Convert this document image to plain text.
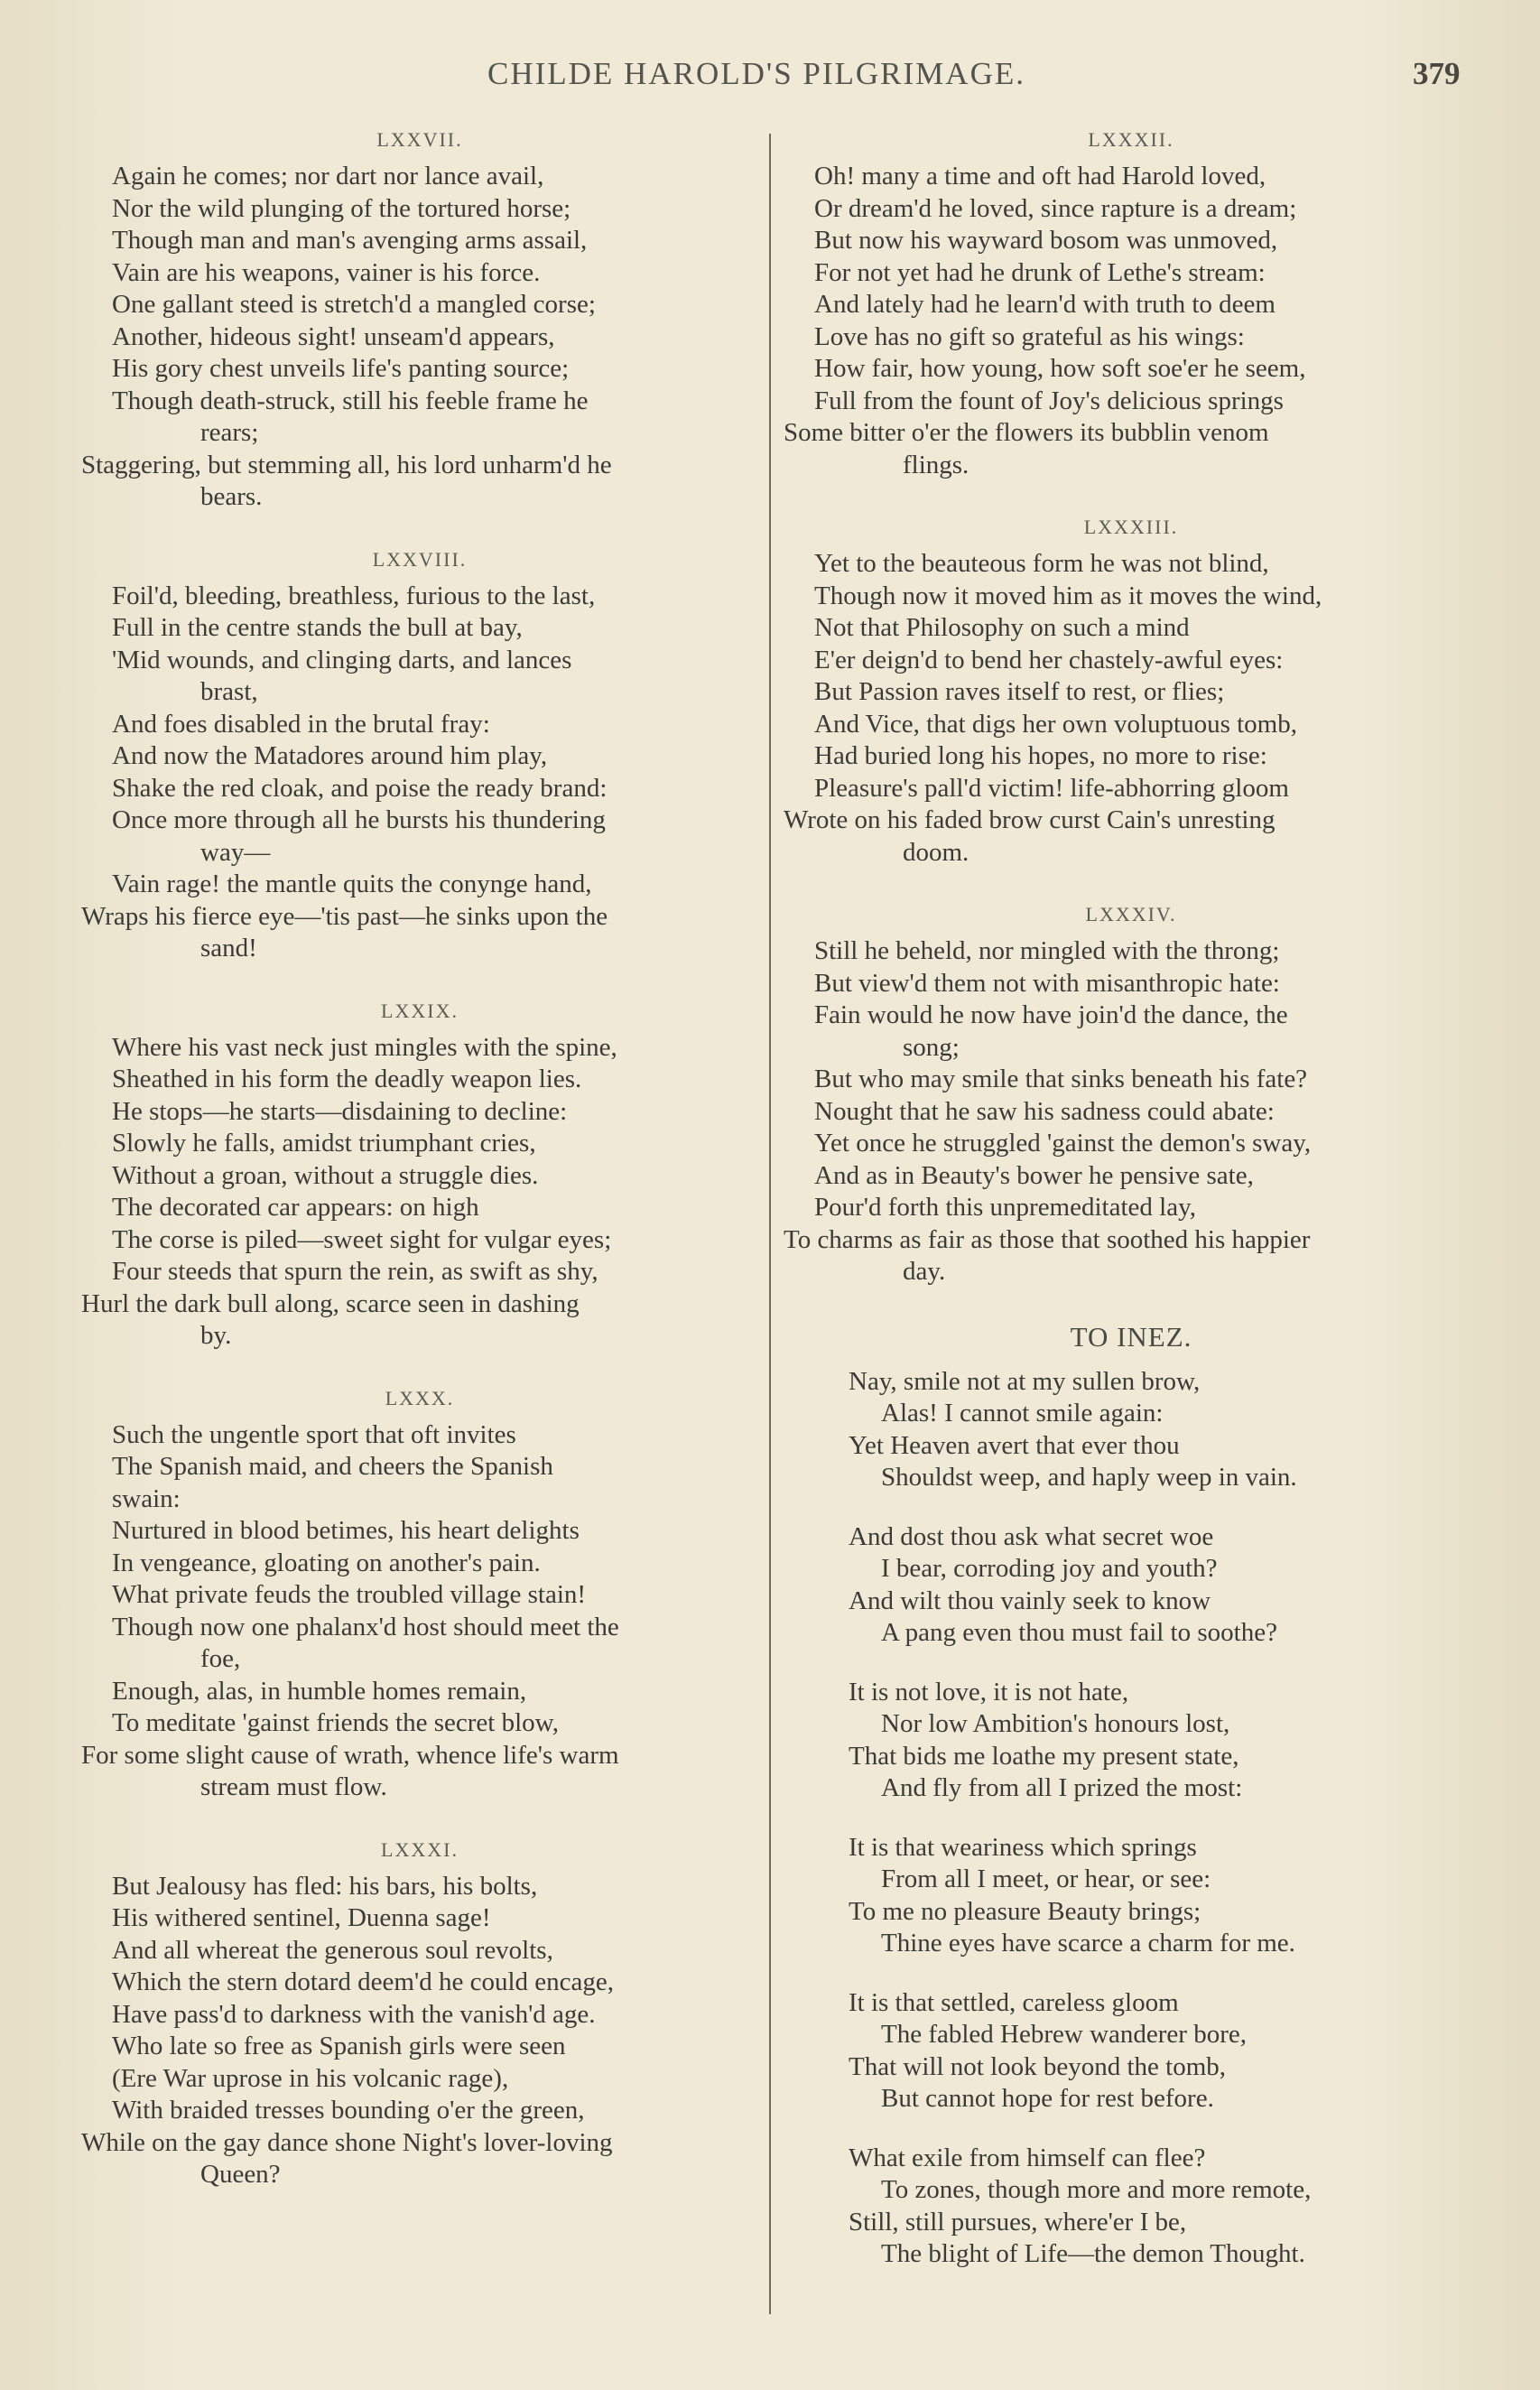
CHILDE HAROLD'S PILGRIMAGE.	379
LXXVII.
Again he comes; nor dart nor lance avail,
Nor the wild plunging of the tortured horse;
Though man and man's avenging arms assail,
Vain are his weapons, vainer is his force.
One gallant steed is stretch'd a mangled corse;
Another, hideous sight! unseam'd appears,
His gory chest unveils life's panting source;
Though death-struck, still his feeble frame he
rears;
Staggering, but stemming all, his lord unharm'd he
bears.
LXXVIII.
Foil'd, bleeding, breathless, furious to the last,
Full in the centre stands the bull at bay,
'Mid wounds, and clinging darts, and lances
brast,
And foes disabled in the brutal fray:
And now the Matadores around him play,
Shake the red cloak, and poise the ready brand:
Once more through all he bursts his thundering
way—
Vain rage! the mantle quits the conynge hand,
Wraps his fierce eye—'tis past—he sinks upon the
sand!
LXXIX.
Where his vast neck just mingles with the spine,
Sheathed in his form the deadly weapon lies.
He stops—he starts—disdaining to decline:
Slowly he falls, amidst triumphant cries,
Without a groan, without a struggle dies.
The decorated car appears: on high
The corse is piled—sweet sight for vulgar eyes;
Four steeds that spurn the rein, as swift as shy,
Hurl the dark bull along, scarce seen in dashing
by.
LXXX.
Such the ungentle sport that oft invites
The Spanish maid, and cheers the Spanish
swain:
Nurtured in blood betimes, his heart delights
In vengeance, gloating on another's pain.
What private feuds the troubled village stain!
Though now one phalanx'd host should meet the
foe,
Enough, alas, in humble homes remain,
To meditate 'gainst friends the secret blow,
For some slight cause of wrath, whence life's warm
stream must flow.
LXXXI.
But Jealousy has fled: his bars, his bolts,
His withered sentinel, Duenna sage!
And all whereat the generous soul revolts,
Which the stern dotard deem'd he could encage,
Have pass'd to darkness with the vanish'd age.
Who late so free as Spanish girls were seen
(Ere War uprose in his volcanic rage),
With braided tresses bounding o'er the green,
While on the gay dance shone Night's lover-loving
Queen?
LXXXII.
Oh! many a time and oft had Harold loved,
Or dream'd he loved, since rapture is a dream;
But now his wayward bosom was unmoved,
For not yet had he drunk of Lethe's stream:
And lately had he learn'd with truth to deem
Love has no gift so grateful as his wings:
How fair, how young, how soft soe'er he seem,
Full from the fount of Joy's delicious springs
Some bitter o'er the flowers its bubblin venom
flings.
LXXXIII.
Yet to the beauteous form he was not blind,
Though now it moved him as it moves the wind,
Not that Philosophy on such a mind
E'er deign'd to bend her chastely-awful eyes:
But Passion raves itself to rest, or flies;
And Vice, that digs her own voluptuous tomb,
Had buried long his hopes, no more to rise:
Pleasure's pall'd victim! life-abhorring gloom
Wrote on his faded brow curst Cain's unresting
doom.
LXXXIV.
Still he beheld, nor mingled with the throng;
But view'd them not with misanthropic hate:
Fain would he now have join'd the dance, the
song;
But who may smile that sinks beneath his fate?
Nought that he saw his sadness could abate:
Yet once he struggled 'gainst the demon's sway,
And as in Beauty's bower he pensive sate,
Pour'd forth this unpremeditated lay,
To charms as fair as those that soothed his happier
day.
TO INEZ.
Nay, smile not at my sullen brow,
Alas! I cannot smile again:
Yet Heaven avert that ever thou
Shouldst weep, and haply weep in vain.
And dost thou ask what secret woe
I bear, corroding joy and youth?
And wilt thou vainly seek to know
A pang even thou must fail to soothe?
It is not love, it is not hate,
Nor low Ambition's honours lost,
That bids me loathe my present state,
And fly from all I prized the most:
It is that weariness which springs
From all I meet, or hear, or see:
To me no pleasure Beauty brings;
Thine eyes have scarce a charm for me.
It is that settled, careless gloom
The fabled Hebrew wanderer bore,
That will not look beyond the tomb,
But cannot hope for rest before.
What exile from himself can flee?
To zones, though more and more remote,
Still, still pursues, where'er I be,
The blight of Life—the demon Thought.
